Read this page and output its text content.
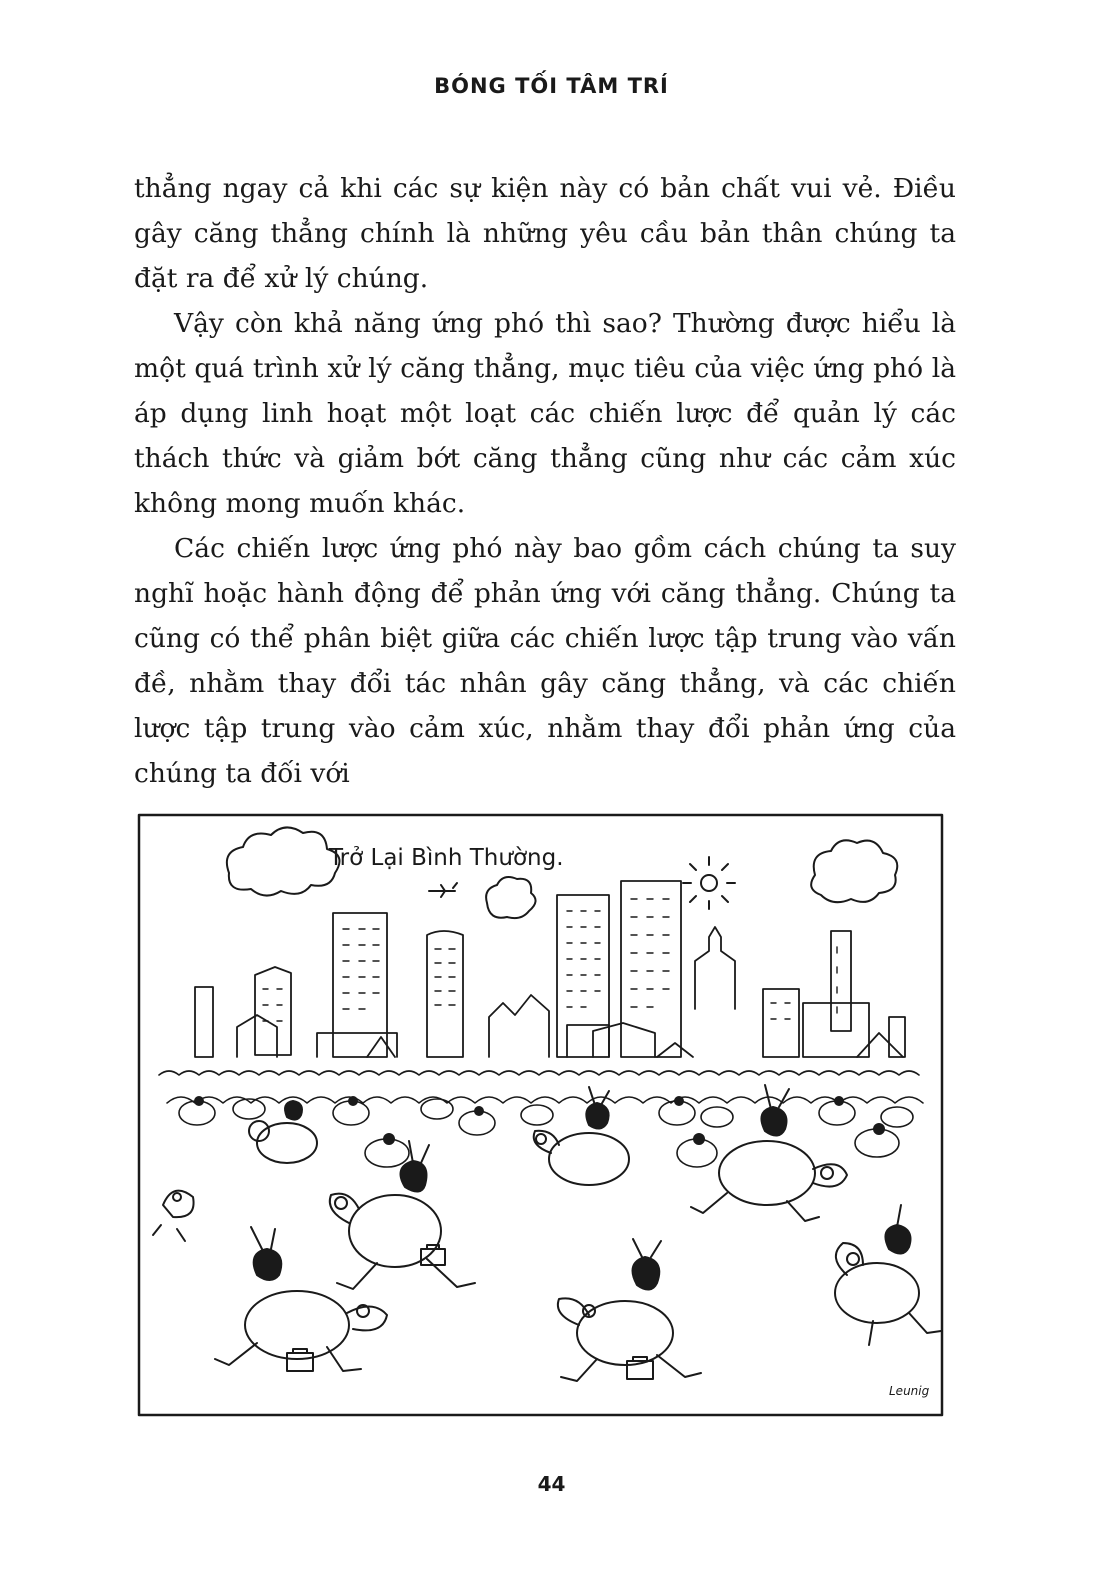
BÓNG TỐI TÂM TRÍ

thẳng ngay cả khi các sự kiện này có bản chất vui vẻ. Điều gây căng thẳng chính là những yêu cầu bản thân chúng ta đặt ra để xử lý chúng.

Vậy còn khả năng ứng phó thì sao? Thường được hiểu là một quá trình xử lý căng thẳng, mục tiêu của việc ứng phó là áp dụng linh hoạt một loạt các chiến lược để quản lý các thách thức và giảm bớt căng thẳng cũng như các cảm xúc không mong muốn khác.

Các chiến lược ứng phó này bao gồm cách chúng ta suy nghĩ hoặc hành động để phản ứng với căng thẳng. Chúng ta cũng có thể phân biệt giữa các chiến lược tập trung vào vấn đề, nhằm thay đổi tác nhân gây căng thẳng, và các chiến lược tập trung vào cảm xúc, nhằm thay đổi phản ứng của chúng ta đối với

Trở Lại Bình Thường.
Leunig
44
